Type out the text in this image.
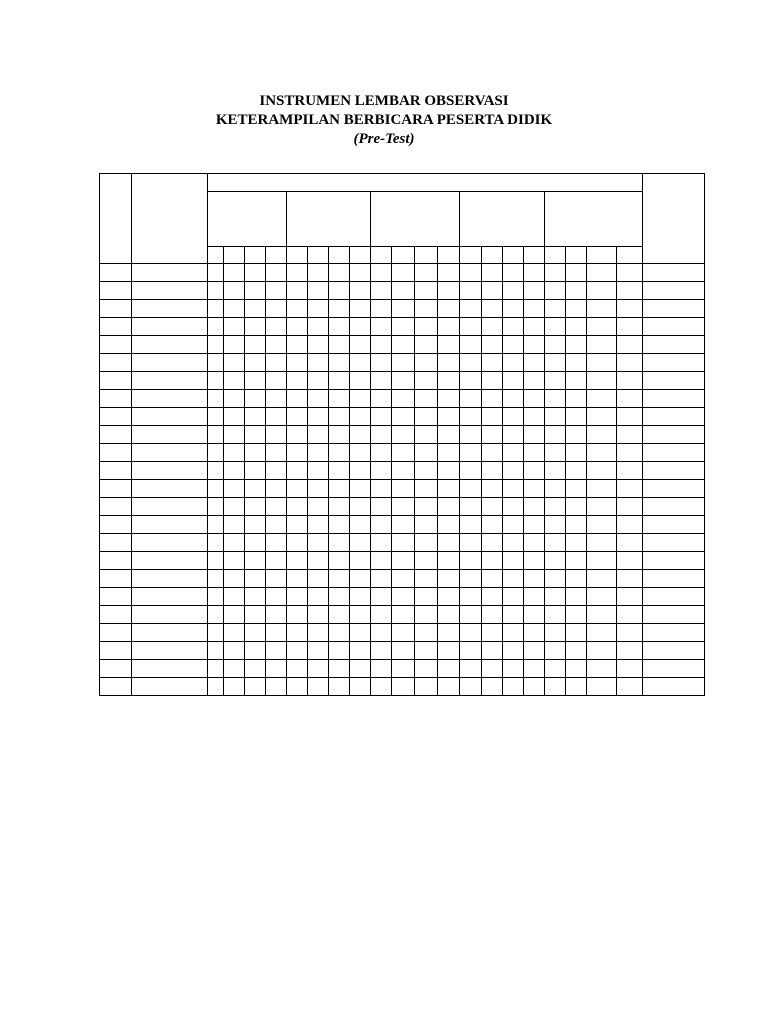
INSTRUMEN LEMBAR OBSERVASI
KETERAMPILAN BERBICARA PESERTA DIDIK
(Pre-Test)
